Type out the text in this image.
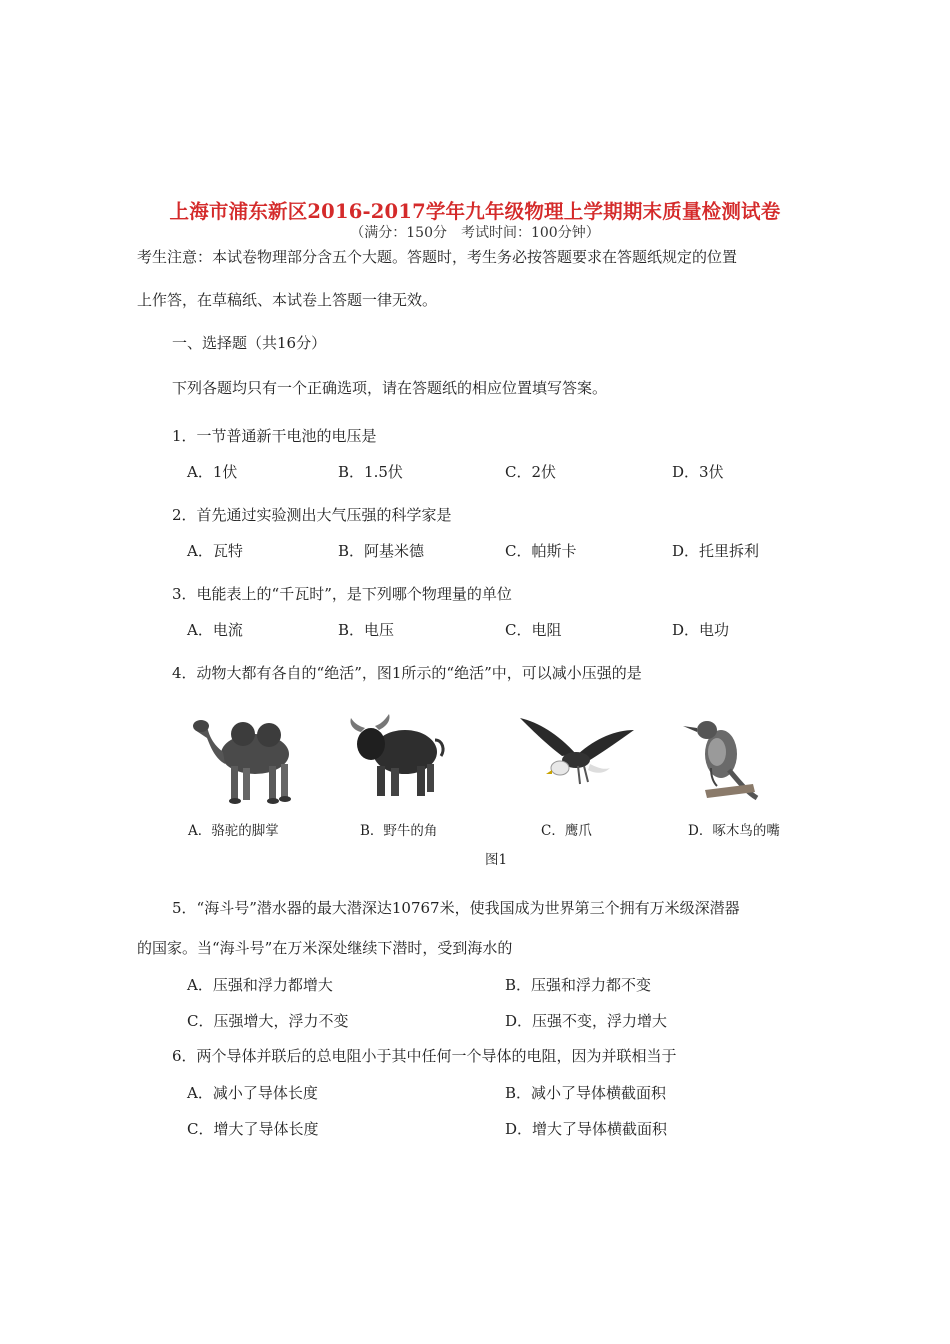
上海市浦东新区2016-2017学年九年级物理上学期期末质量检测试卷
（满分：150分　考试时间：100分钟）
考生注意：本试卷物理部分含五个大题。答题时，考生务必按答题要求在答题纸规定的位置
上作答，在草稿纸、本试卷上答题一律无效。
一、选择题（共16分）
下列各题均只有一个正确选项，请在答题纸的相应位置填写答案。
1．一节普通新干电池的电压是
A．1伏	B．1.5伏	C．2伏	D．3伏
2．首先通过实验测出大气压强的科学家是
A．瓦特	B．阿基米德	C．帕斯卡	D．托里拆利
3．电能表上的“千瓦时”，是下列哪个物理量的单位
A．电流	B．电压	C．电阻	D．电功
4．动物大都有各自的“绝活”，图1所示的“绝活”中，可以减小压强的是
A．骆驼的脚掌	B．野牛的角	C．鹰爪	D．啄木鸟的嘴
图1
5．“海斗号”潜水器的最大潜深达10767米，使我国成为世界第三个拥有万米级深潜器
的国家。当“海斗号”在万米深处继续下潜时，受到海水的
A．压强和浮力都增大	B．压强和浮力都不变
C．压强增大，浮力不变	D．压强不变，浮力增大
6．两个导体并联后的总电阻小于其中任何一个导体的电阻，因为并联相当于
A．减小了导体长度	B．减小了导体横截面积
C．增大了导体长度	D．增大了导体横截面积
